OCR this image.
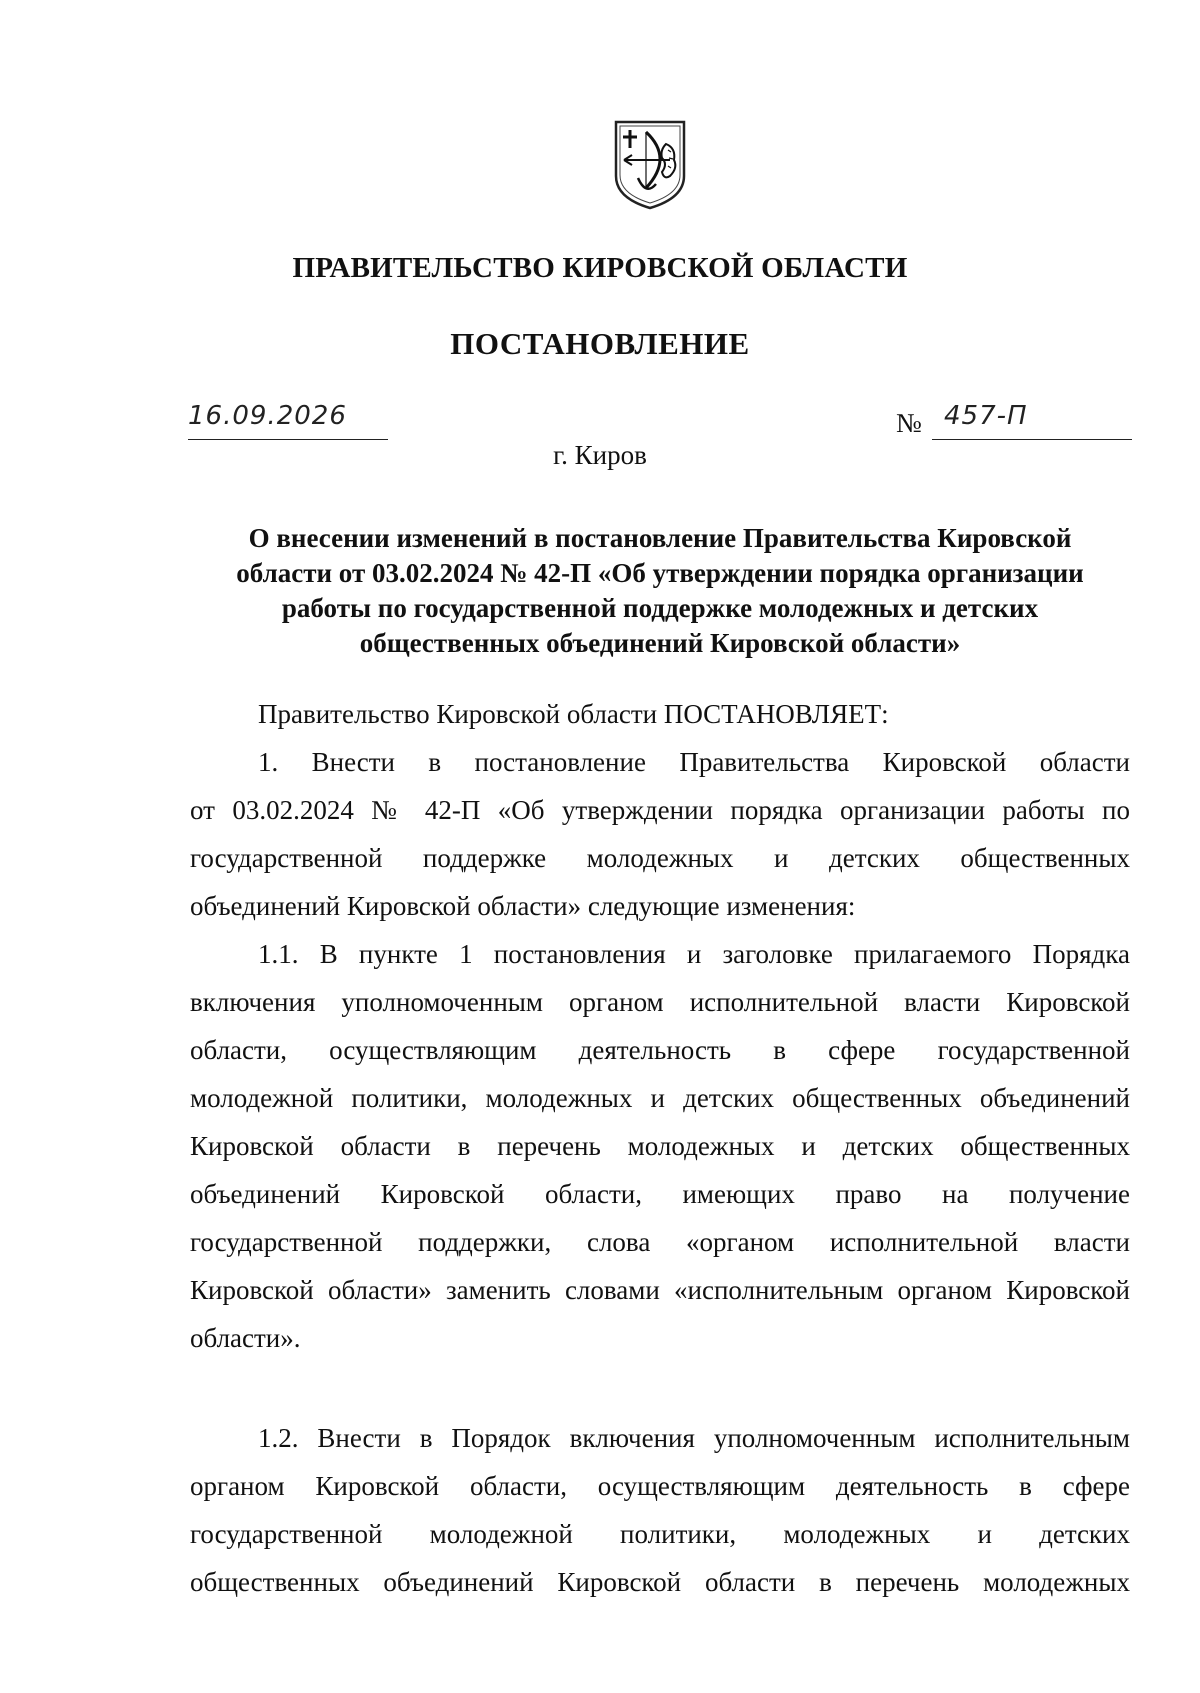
ПРАВИТЕЛЬСТВО КИРОВСКОЙ ОБЛАСТИ
ПОСТАНОВЛЕНИЕ
16.09.2026	№ 457-П
г. Киров
О внесении изменений в постановление Правительства Кировской
области от 03.02.2024 № 42-П «Об утверждении порядка организации
работы по государственной поддержке молодежных и детских
общественных объединений Кировской области»
Правительство Кировской области ПОСТАНОВЛЯЕТ:
1. Внести в постановление Правительства Кировской области
от 03.02.2024 № 42-П «Об утверждении порядка организации работы по
государственной поддержке молодежных и детских общественных
объединений Кировской области» следующие изменения:
1.1. В пункте 1 постановления и заголовке прилагаемого Порядка
включения уполномоченным органом исполнительной власти Кировской
области, осуществляющим деятельность в сфере государственной
молодежной политики, молодежных и детских общественных объединений
Кировской области в перечень молодежных и детских общественных
объединений Кировской области, имеющих право на получение
государственной поддержки, слова «органом исполнительной власти
Кировской области» заменить словами «исполнительным органом Кировской
области».
1.2. Внести в Порядок включения уполномоченным исполнительным
органом Кировской области, осуществляющим деятельность в сфере
государственной молодежной политики, молодежных и детских
общественных объединений Кировской области в перечень молодежных
